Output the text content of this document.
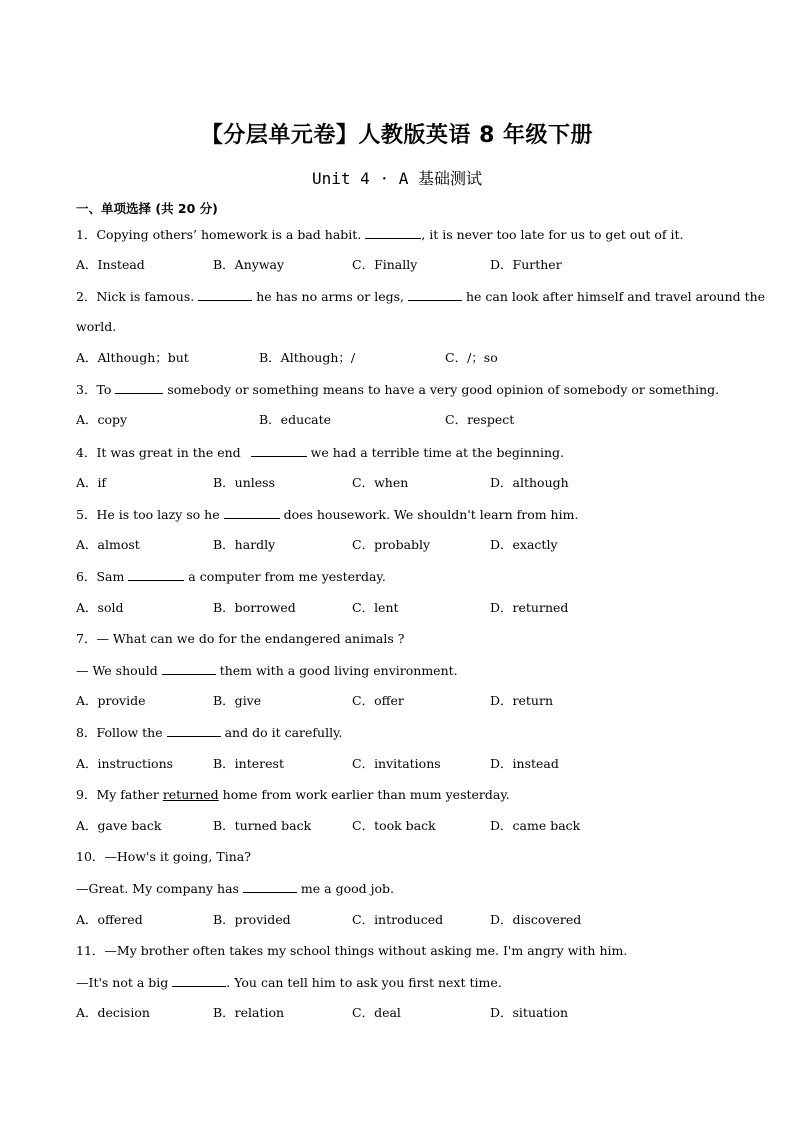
【分层单元卷】人教版英语 8 年级下册
Unit 4 · A 基础测试
一、单项选择 (共 20 分)
1．Copying others’ homework is a bad habit.	, it is never too late for us to get out of it.
A．Instead	B．Anyway	C．Finally	D．Further
2．Nick is famous.	he has no arms or legs,	he can look after himself and travel around the
world.
A．Although；but	B．Although；/	C．/；so
3．To	somebody or something means to have a very good opinion of somebody or something.
A．copy	B．educate	C．respect
4．It was great in the end	we had a terrible time at the beginning.
A．if	B．unless	C．when	D．although
5．He is too lazy so he	does housework. We shouldn't learn from him.
A．almost	B．hardly	C．probably	D．exactly
6．Sam	a computer from me yesterday.
A．sold	B．borrowed	C．lent	D．returned
7．— What can we do for the endangered animals ?
— We should	them with a good living environment.
A．provide	B．give	C．offer	D．return
8．Follow the	and do it carefully.
A．instructions	B．interest	C．invitations	D．instead
9．My father returned home from work earlier than mum yesterday.
A．gave back	B．turned back	C．took back	D．came back
10．—How's it going, Tina?
—Great. My company has	me a good job.
A．offered	B．provided	C．introduced	D．discovered
11．—My brother often takes my school things without asking me. I'm angry with him.
—It's not a big	. You can tell him to ask you first next time.
A．decision	B．relation	C．deal	D．situation
